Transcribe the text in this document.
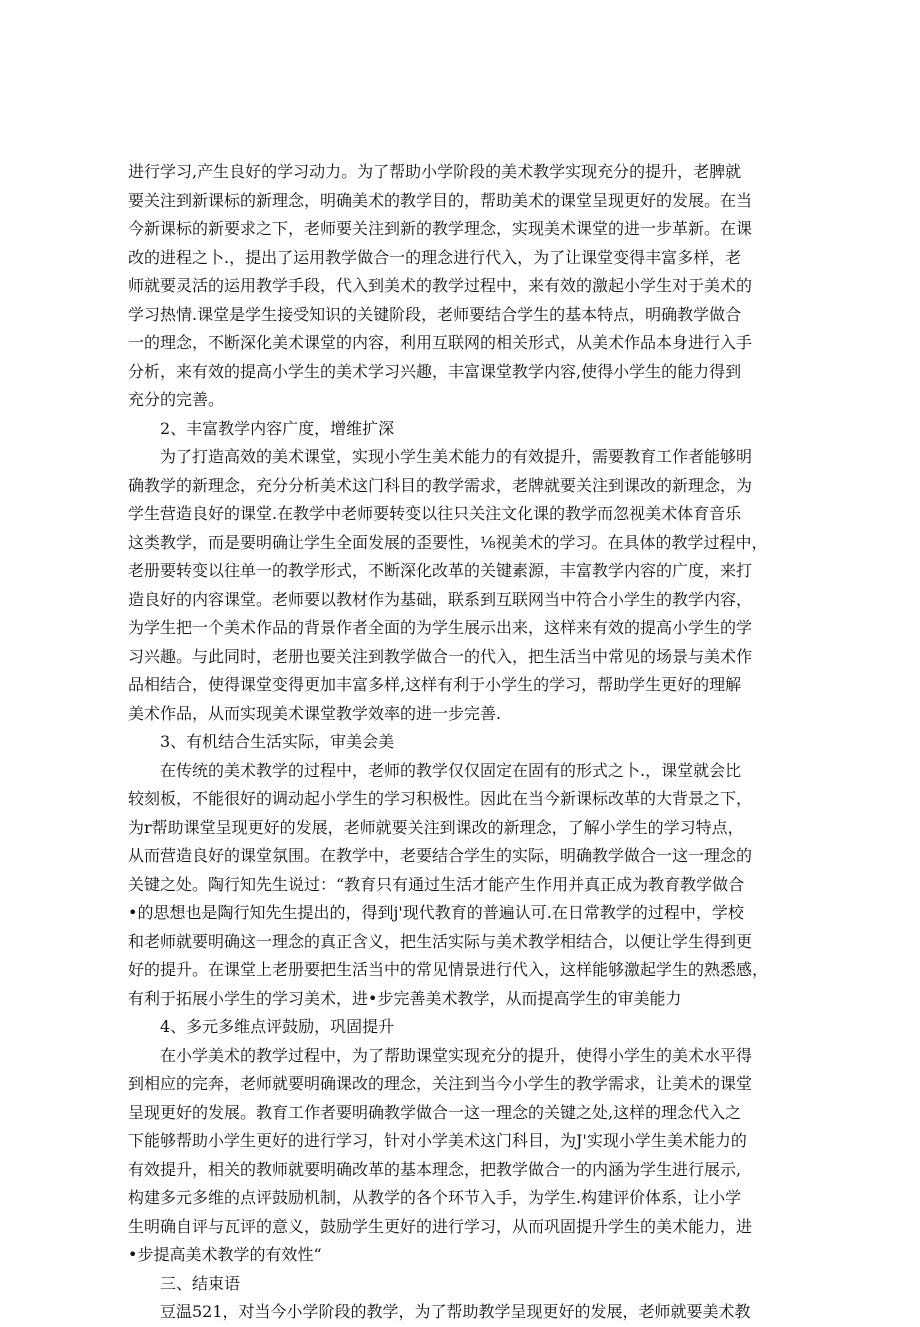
进行学习,产生良好的学习动力。为了帮助小学阶段的美术教学实现充分的提升，老脾就
要关注到新课标的新理念，明确美术的教学目的，帮助美术的课堂呈现更好的发展。在当
今新课标的新要求之下，老师要关注到新的教学理念，实现美术课堂的进一步革新。在课
改的进程之卜.，提出了运用教学做合一的理念进行代入，为了让课堂变得丰富多样，老
师就要灵活的运用教学手段，代入到美术的教学过程中，来有效的激起小学生对于美术的
学习热情.课堂是学生接受知识的关键阶段，老师要结合学生的基本特点，明确教学做合
一的理念，不断深化美术课堂的内容，利用互联网的相关形式，从美术作品本身进行入手
分析，来有效的提高小学生的美术学习兴趣，丰富课堂教学内容,使得小学生的能力得到
充分的完善。
2、丰富教学内容广度，增维扩深
为了打造高效的美术课堂，实现小学生美术能力的有效提升，需要教育工作者能够明
确教学的新理念，充分分析美术这门科目的教学需求，老牌就要关注到课改的新理念，为
学生营造良好的课堂.在教学中老师要转变以往只关注文化课的教学而忽视美术体育音乐
这类教学，而是要明确让学生全面发展的歪要性，⅛视美术的学习。在具体的教学过程中，
老册要转变以往单一的教学形式，不断深化改革的关键素源，丰富教学内容的广度，来打
造良好的内容课堂。老师要以教材作为基础，联系到互联网当中符合小学生的教学内容，
为学生把一个美术作品的背景作者全面的为学生展示出来，这样来有效的提高小学生的学
习兴趣。与此同时，老册也要关注到教学做合一的代入，把生活当中常见的场景与美术作
品相结合，使得课堂变得更加丰富多样,这样有利于小学生的学习，帮助学生更好的理解
美术作品，从而实现美术课堂教学效率的进一步完善.
3、有机结合生活实际，审美会美
在传统的美术教学的过程中，老师的教学仅仅固定在固有的形式之卜.，课堂就会比
较刻板，不能很好的调动起小学生的学习积极性。因此在当今新课标改革的大背景之下，
为r帮助课堂呈现更好的发展，老师就要关注到课改的新理念，了解小学生的学习特点，
从而营造良好的课堂氛围。在教学中，老要结合学生的实际，明确教学做合一这一理念的
关键之处。陶行知先生说过：“教育只有通过生活才能产生作用并真正成为教育教学做合
•的思想也是陶行知先生提出的，得到j'现代教育的普遍认可.在日常教学的过程中，学校
和老师就要明确这一理念的真正含义，把生活实际与美术教学相结合，以便让学生得到更
好的提升。在课堂上老册要把生活当中的常见情景进行代入，这样能够激起学生的熟悉感，
有利于拓展小学生的学习美术，进•步完善美术教学，从而提高学生的审美能力
4、多元多维点评鼓励，巩固提升
在小学美术的教学过程中，为了帮助课堂实现充分的提升，使得小学生的美术水平得
到相应的完奔，老师就要明确课改的理念，关注到当今小学生的教学需求，让美术的课堂
呈现更好的发展。教育工作者要明确教学做合一这一理念的关键之处,这样的理念代入之
下能够帮助小学生更好的进行学习，针对小学美术这门科目，为J'实现小学生美术能力的
有效提升，相关的教师就要明确改革的基本理念，把教学做合一的内涵为学生进行展示,
构建多元多维的点评鼓励机制，从教学的各个环节入手，为学生.构建评价体系，让小学
生明确自评与瓦评的意义，鼓励学生更好的进行学习，从而巩固提升学生的美术能力，进
•步提高美术教学的有效性“
三、结束语
豆温521，对当今小学阶段的教学，为了帮助教学呈现更好的发展，老师就要美术教
